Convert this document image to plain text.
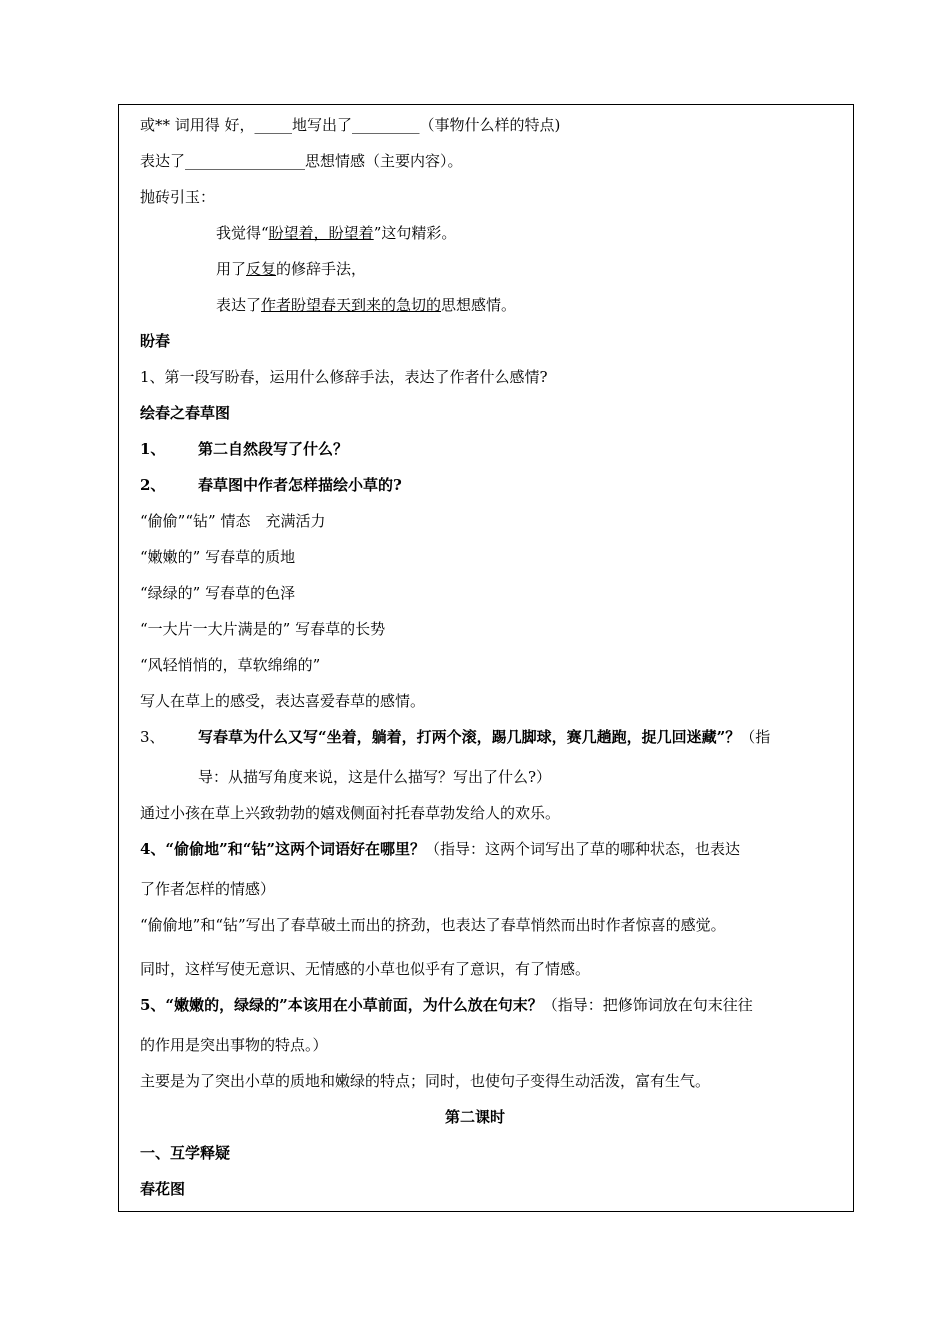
或** 词用得 好，_____地写出了_________（事物什么样的特点)
表达了________________思想情感（主要内容）。
抛砖引玉：
我觉得“盼望着，盼望着”这句精彩。
用了反复的修辞手法，
表达了作者盼望春天到来的急切的思想感情。
盼春
1、第一段写盼春，运用什么修辞手法，表达了作者什么感情?
绘春之春草图
1、 第二自然段写了什么？
2、 春草图中作者怎样描绘小草的?
“偷偷”“钻” 情态　充满活力
“嫩嫩的” 写春草的质地
“绿绿的” 写春草的色泽
“一大片一大片满是的” 写春草的长势
“风轻悄悄的，草软绵绵的”
写人在草上的感受，表达喜爱春草的感情。
3、 写春草为什么又写“坐着，躺着，打两个滚，踢几脚球，赛几趟跑，捉几回迷藏”？（指
导：从描写角度来说，这是什么描写？写出了什么?）
通过小孩在草上兴致勃勃的嬉戏侧面衬托春草勃发给人的欢乐。
4、“偷偷地”和“钻”这两个词语好在哪里？（指导：这两个词写出了草的哪种状态，也表达
了作者怎样的情感）
“偷偷地”和“钻”写出了春草破土而出的挤劲，也表达了春草悄然而出时作者惊喜的感觉。
同时，这样写使无意识、无情感的小草也似乎有了意识，有了情感。
5、“嫩嫩的，绿绿的”本该用在小草前面，为什么放在句末？（指导：把修饰词放在句末往往
的作用是突出事物的特点。）
主要是为了突出小草的质地和嫩绿的特点；同时，也使句子变得生动活泼，富有生气。
第二课时
一、互学释疑
春花图
